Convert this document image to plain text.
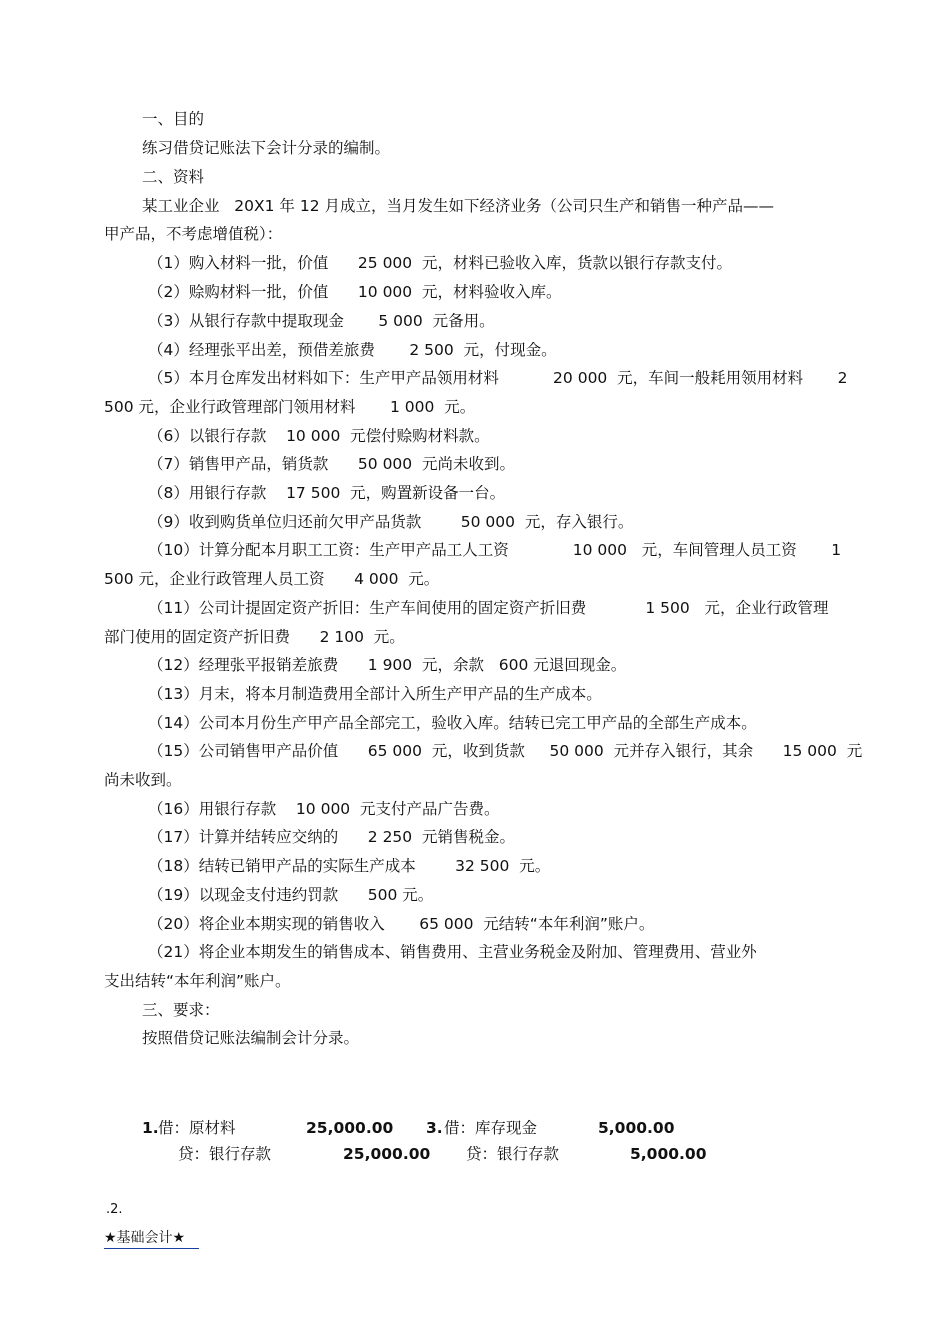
一、目的
练习借贷记账法下会计分录的编制。
二、资料
某工业企业   20X1 年 12 月成立，当月发生如下经济业务（公司只生产和销售一种产品——
甲产品，不考虑增值税）：
（1）购入材料一批，价值      25 000  元，材料已验收入库，货款以银行存款支付。
（2）赊购材料一批，价值      10 000  元，材料验收入库。
（3）从银行存款中提取现金       5 000  元备用。
（4）经理张平出差，预借差旅费       2 500  元，付现金。
（5）本月仓库发出材料如下：生产甲产品领用材料           20 000  元，车间一般耗用领用材料       2
500 元，企业行政管理部门领用材料       1 000  元。
（6）以银行存款    10 000  元偿付赊购材料款。
（7）销售甲产品，销货款      50 000  元尚未收到。
（8）用银行存款    17 500  元，购置新设备一台。
（9）收到购货单位归还前欠甲产品货款        50 000  元，存入银行。
（10）计算分配本月职工工资：生产甲产品工人工资             10 000   元，车间管理人员工资       1
500 元，企业行政管理人员工资      4 000  元。
（11）公司计提固定资产折旧：生产车间使用的固定资产折旧费            1 500   元，企业行政管理
部门使用的固定资产折旧费      2 100  元。
（12）经理张平报销差旅费      1 900  元，余款   600 元退回现金。
（13）月末，将本月制造费用全部计入所生产甲产品的生产成本。
（14）公司本月份生产甲产品全部完工，验收入库。结转已完工甲产品的全部生产成本。
（15）公司销售甲产品价值      65 000  元，收到货款     50 000  元并存入银行，其余      15 000  元
尚未收到。
（16）用银行存款    10 000  元支付产品广告费。
（17）计算并结转应交纳的      2 250  元销售税金。
（18）结转已销甲产品的实际生产成本        32 500  元。
（19）以现金支付违约罚款      500 元。
（20）将企业本期实现的销售收入       65 000  元结转“本年利润”账户。
（21）将企业本期发生的销售成本、销售费用、主营业务税金及附加、管理费用、营业外
支出结转“本年利润”账户。
三、要求：
按照借贷记账法编制会计分录。
1. 借：原材料	25,000.00
贷：银行存款	25,000.00
3. 借：库存现金	5,000.00
贷：银行存款	5,000.00
.2.
★基础会计★
